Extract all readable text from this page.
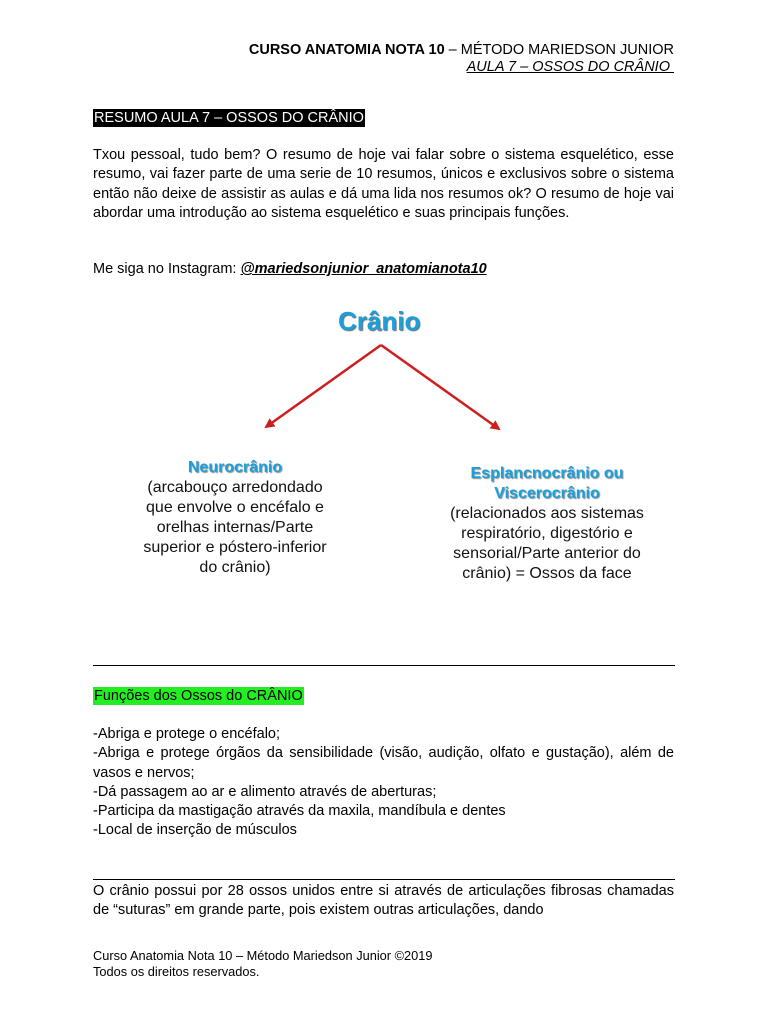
CURSO ANATOMIA NOTA 10 – MÉTODO MARIEDSON JUNIOR
AULA 7 – OSSOS DO CRÂNIO
RESUMO AULA 7 – OSSOS DO CRÂNIO
Txou pessoal, tudo bem? O resumo de hoje vai falar sobre o sistema esquelético, esse resumo, vai fazer parte de uma serie de 10 resumos, únicos e exclusivos sobre o sistema então não deixe de assistir as aulas e dá uma lida nos resumos ok? O resumo de hoje vai abordar uma introdução ao sistema esquelético e suas principais funções.
Me siga no Instagram: @mariedsonjunior_anatomianota10
Crânio
Neurocrânio
(arcabouço arredondado
que envolve o encéfalo e
orelhas internas/Parte
superior e póstero-inferior
do crânio)
Esplancnocrânio ou
Viscerocrânio
(relacionados aos sistemas
respiratório, digestório e
sensorial/Parte anterior do
crânio) = Ossos da face
Funções dos Ossos do CRÂNIO
-Abriga e protege o encéfalo;
-Abriga e protege órgãos da sensibilidade (visão, audição, olfato e gustação), além de vasos e nervos;
-Dá passagem ao ar e alimento através de aberturas;
-Participa da mastigação através da maxila, mandíbula e dentes
-Local de inserção de músculos
O crânio possui por 28 ossos unidos entre si através de articulações fibrosas chamadas de “suturas” em grande parte, pois existem outras articulações, dando
Curso Anatomia Nota 10 – Método Mariedson Junior ©2019
Todos os direitos reservados.
